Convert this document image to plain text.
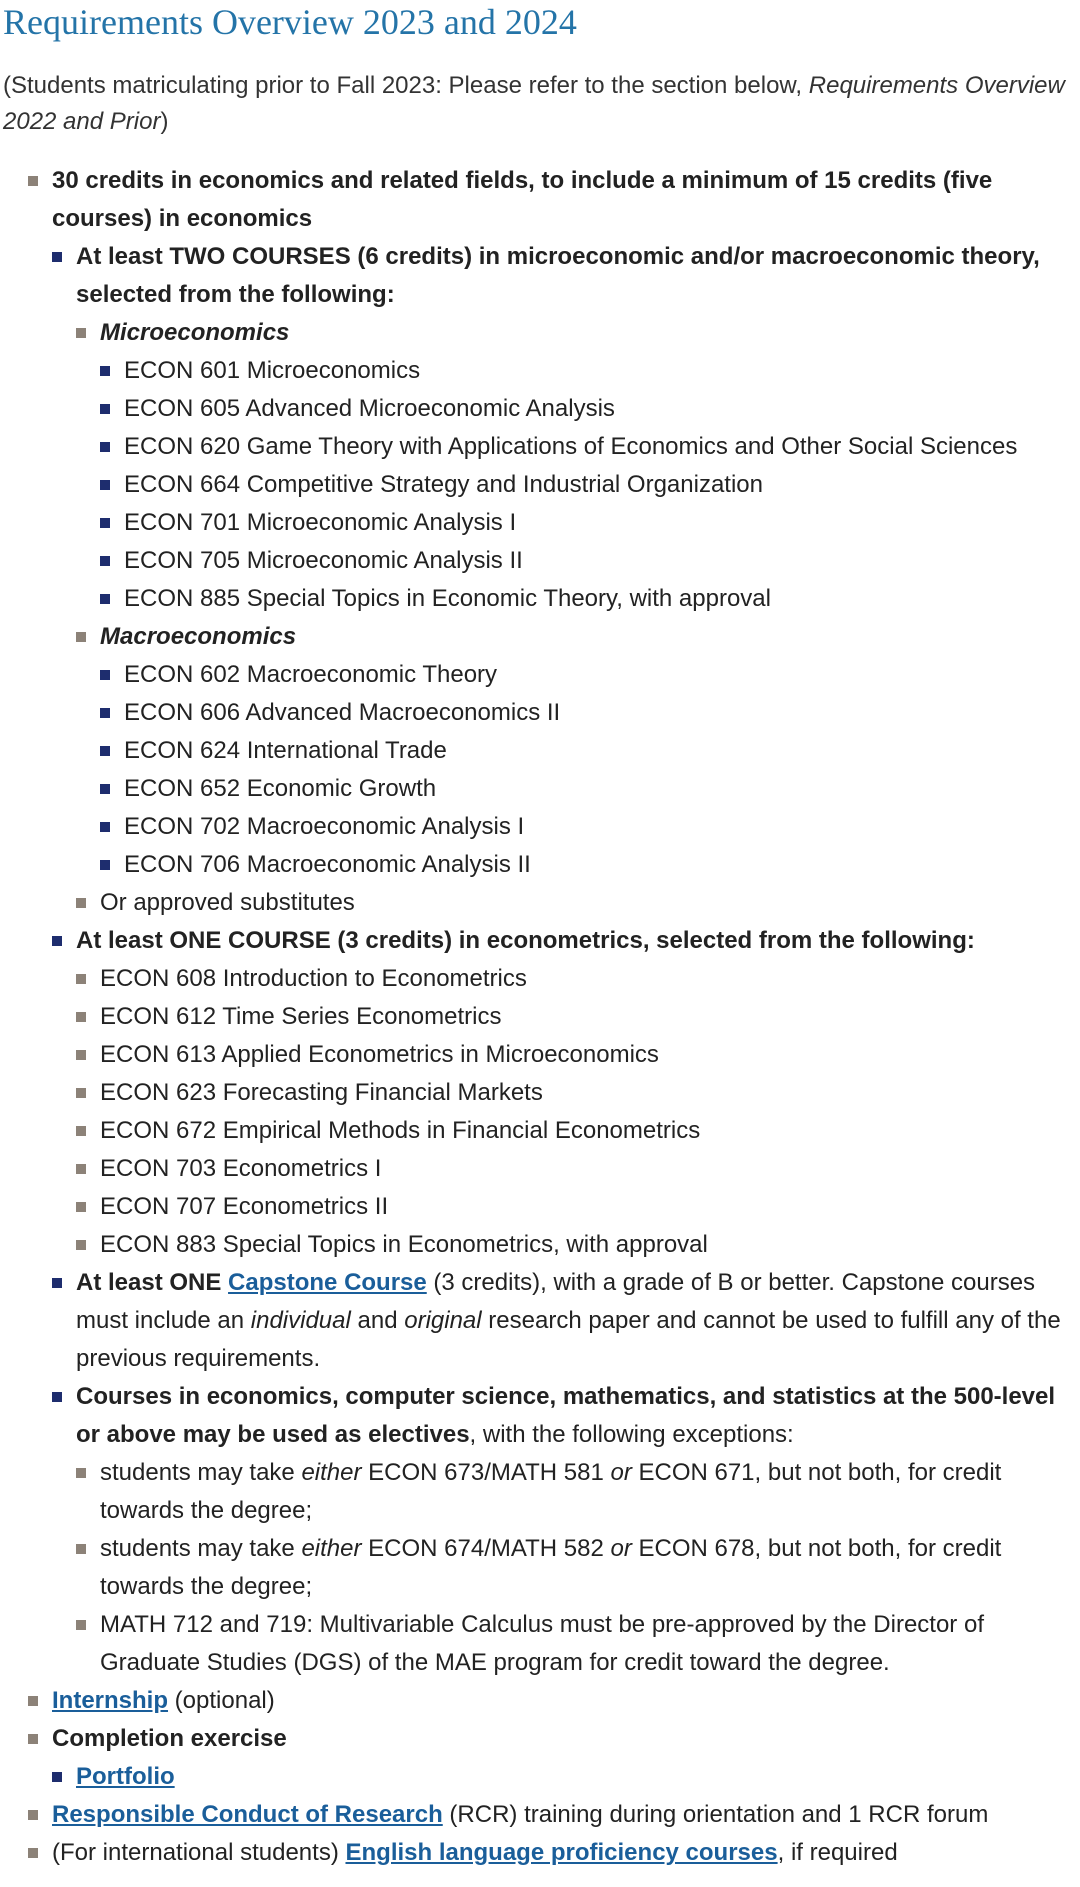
Requirements Overview 2023 and 2024

(Students matriculating prior to Fall 2023: Please refer to the section below, Requirements Overview 2022 and Prior)

30 credits in economics and related fields, to include a minimum of 15 credits (five courses) in economics
At least TWO COURSES (6 credits) in microeconomic and/or macroeconomic theory, selected from the following:
Microeconomics
ECON 601 Microeconomics
ECON 605 Advanced Microeconomic Analysis
ECON 620 Game Theory with Applications of Economics and Other Social Sciences
ECON 664 Competitive Strategy and Industrial Organization
ECON 701 Microeconomic Analysis I
ECON 705 Microeconomic Analysis II
ECON 885 Special Topics in Economic Theory, with approval
Macroeconomics
ECON 602 Macroeconomic Theory
ECON 606 Advanced Macroeconomics II
ECON 624 International Trade
ECON 652 Economic Growth
ECON 702 Macroeconomic Analysis I
ECON 706 Macroeconomic Analysis II
Or approved substitutes
At least ONE COURSE (3 credits) in econometrics, selected from the following:
ECON 608 Introduction to Econometrics
ECON 612 Time Series Econometrics
ECON 613 Applied Econometrics in Microeconomics
ECON 623 Forecasting Financial Markets
ECON 672 Empirical Methods in Financial Econometrics
ECON 703 Econometrics I
ECON 707 Econometrics II
ECON 883 Special Topics in Econometrics, with approval
At least ONE Capstone Course (3 credits), with a grade of B or better. Capstone courses must include an individual and original research paper and cannot be used to fulfill any of the previous requirements.
Courses in economics, computer science, mathematics, and statistics at the 500-level or above may be used as electives, with the following exceptions:
students may take either ECON 673/MATH 581 or ECON 671, but not both, for credit towards the degree;
students may take either ECON 674/MATH 582 or ECON 678, but not both, for credit towards the degree;
MATH 712 and 719: Multivariable Calculus must be pre-approved by the Director of Graduate Studies (DGS) of the MAE program for credit toward the degree.
Internship (optional)
Completion exercise
Portfolio
Responsible Conduct of Research (RCR) training during orientation and 1 RCR forum
(For international students) English language proficiency courses, if required
